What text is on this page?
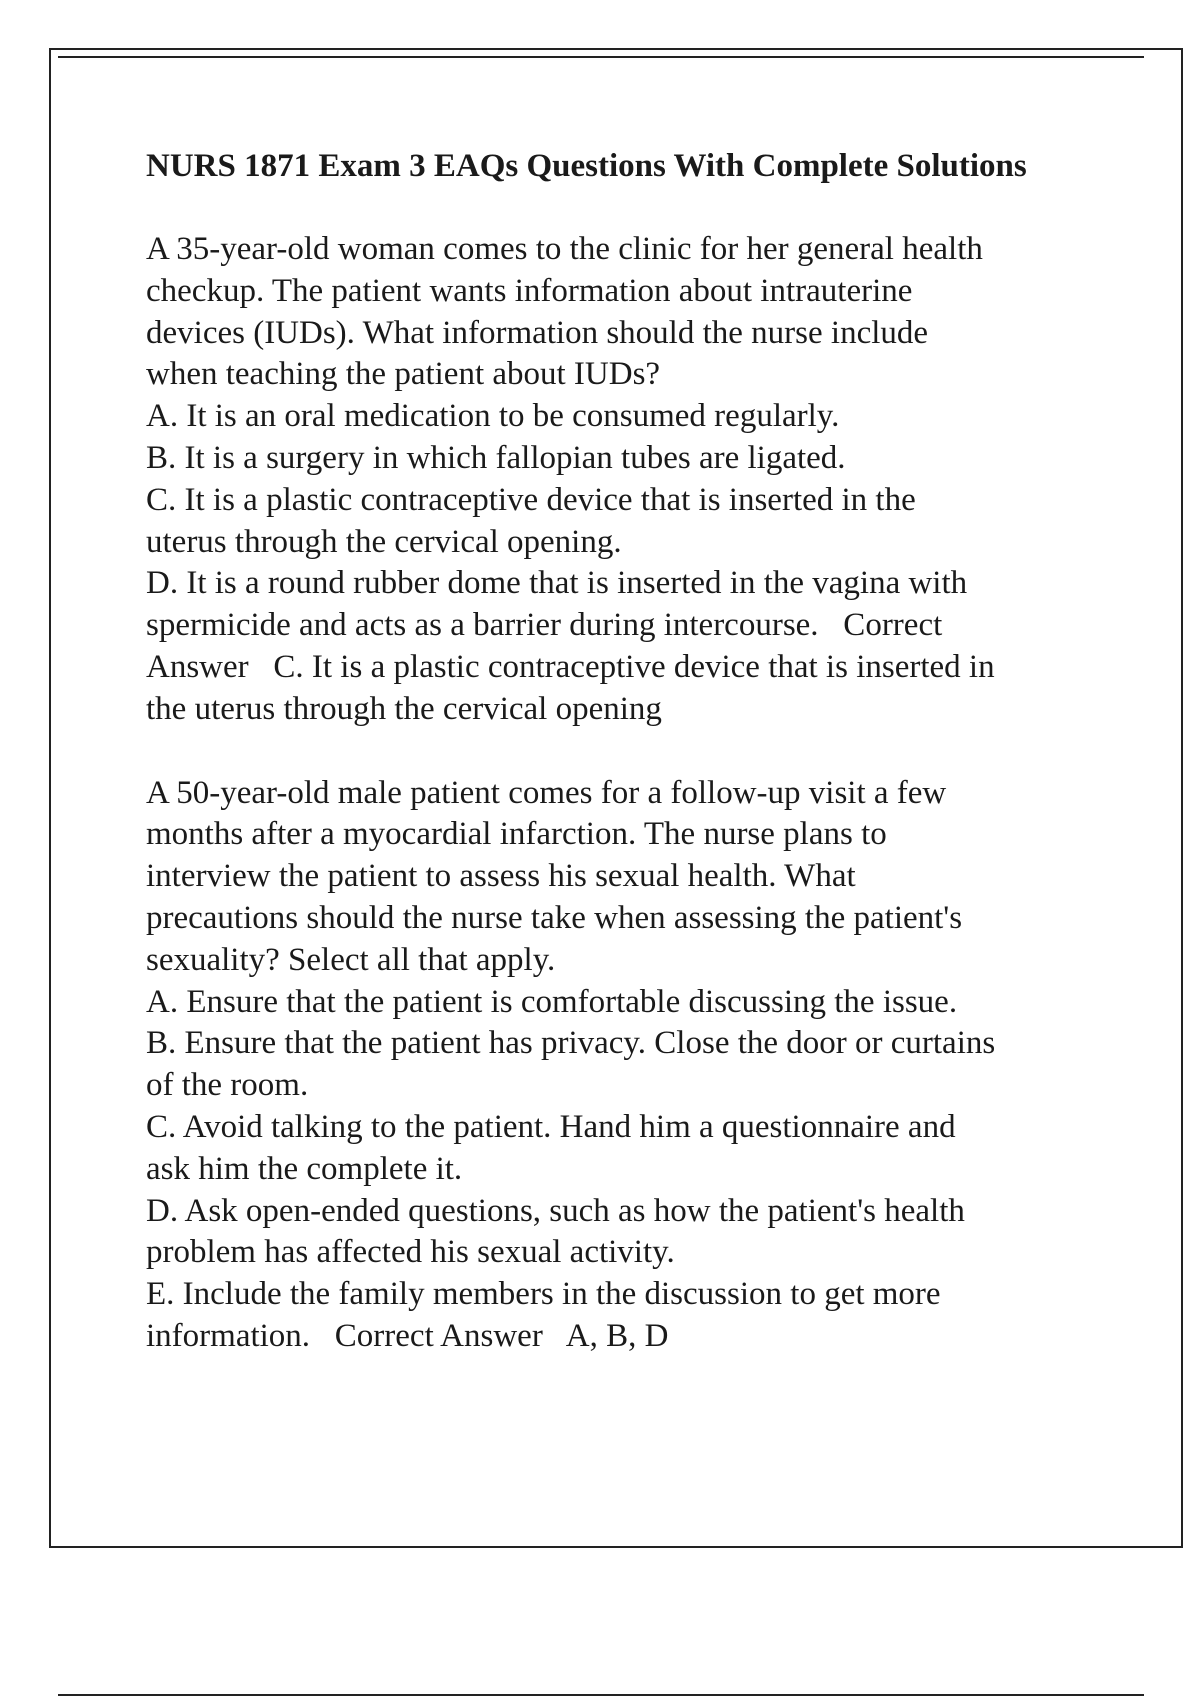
NURS 1871 Exam 3 EAQs Questions With Complete Solutions
A 35-year-old woman comes to the clinic for her general health
checkup. The patient wants information about intrauterine
devices (IUDs). What information should the nurse include
when teaching the patient about IUDs?
A. It is an oral medication to be consumed regularly.
B. It is a surgery in which fallopian tubes are ligated.
C. It is a plastic contraceptive device that is inserted in the
uterus through the cervical opening.
D. It is a round rubber dome that is inserted in the vagina with
spermicide and acts as a barrier during intercourse.   Correct
Answer   C. It is a plastic contraceptive device that is inserted in
the uterus through the cervical opening
A 50-year-old male patient comes for a follow-up visit a few
months after a myocardial infarction. The nurse plans to
interview the patient to assess his sexual health. What
precautions should the nurse take when assessing the patient's
sexuality? Select all that apply.
A. Ensure that the patient is comfortable discussing the issue.
B. Ensure that the patient has privacy. Close the door or curtains
of the room.
C. Avoid talking to the patient. Hand him a questionnaire and
ask him the complete it.
D. Ask open-ended questions, such as how the patient's health
problem has affected his sexual activity.
E. Include the family members in the discussion to get more
information.   Correct Answer   A, B, D
